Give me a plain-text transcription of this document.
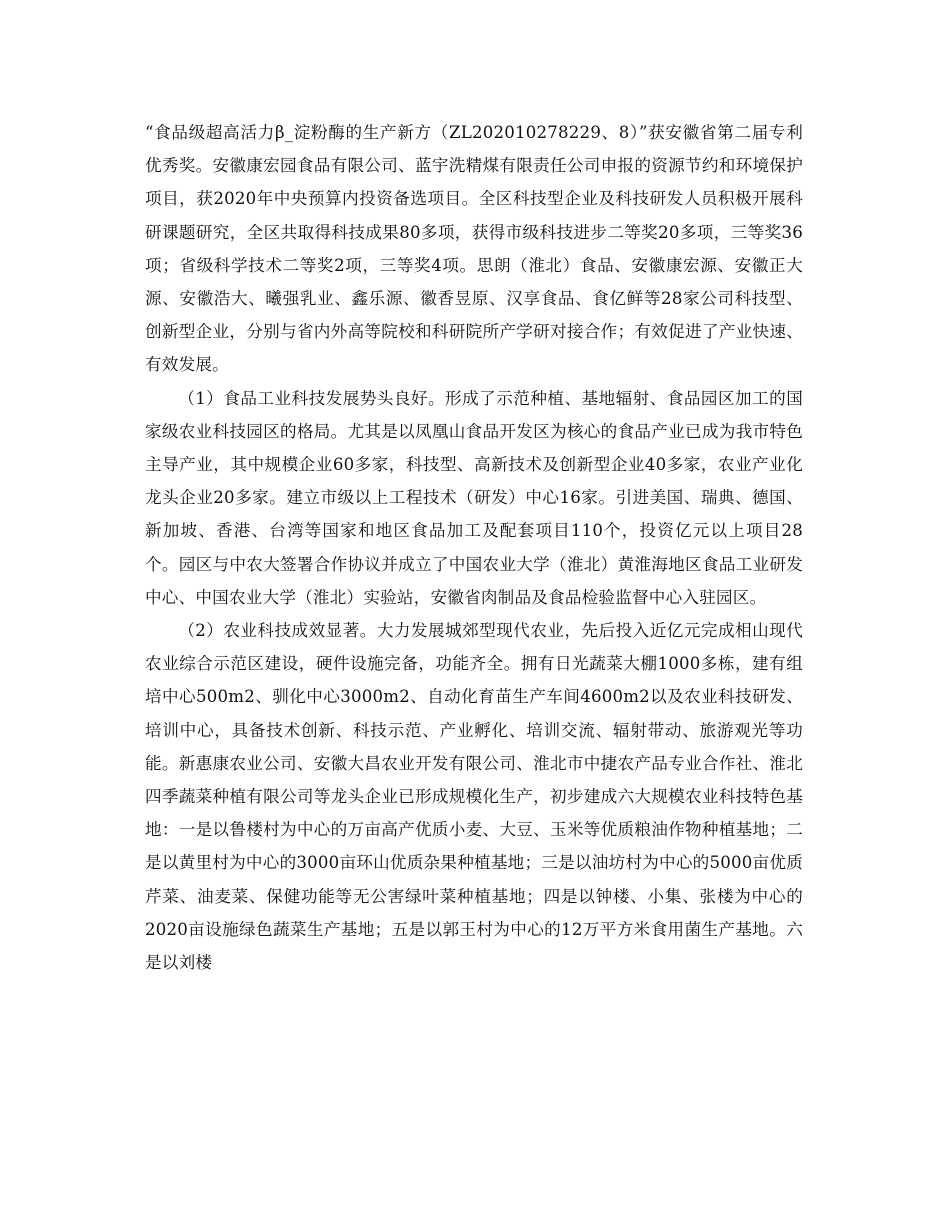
“食品级超高活力β_淀粉酶的生产新方（ZL202010278229、8）”获安徽省第二届专利优秀奖。安徽康宏园食品有限公司、蓝宇洗精煤有限责任公司申报的资源节约和环境保护项目，获2020年中央预算内投资备选项目。全区科技型企业及科技研发人员积极开展科研课题研究，全区共取得科技成果80多项，获得市级科技进步二等奖20多项，三等奖36项；省级科学技术二等奖2项，三等奖4项。思朗（淮北）食品、安徽康宏源、安徽正大源、安徽浩大、曦强乳业、鑫乐源、徽香昱原、汉享食品、食亿鲜等28家公司科技型、创新型企业，分别与省内外高等院校和科研院所产学研对接合作；有效促进了产业快速、有效发展。

（1）食品工业科技发展势头良好。形成了示范种植、基地辐射、食品园区加工的国家级农业科技园区的格局。尤其是以凤凰山食品开发区为核心的食品产业已成为我市特色主导产业，其中规模企业60多家，科技型、高新技术及创新型企业40多家，农业产业化龙头企业20多家。建立市级以上工程技术（研发）中心16家。引进美国、瑞典、德国、新加坡、香港、台湾等国家和地区食品加工及配套项目110个，投资亿元以上项目28个。园区与中农大签署合作协议并成立了中国农业大学（淮北）黄淮海地区食品工业研发中心、中国农业大学（淮北）实验站，安徽省肉制品及食品检验监督中心入驻园区。

（2）农业科技成效显著。大力发展城郊型现代农业，先后投入近亿元完成相山现代农业综合示范区建设，硬件设施完备，功能齐全。拥有日光蔬菜大棚1000多栋，建有组培中心500m2、驯化中心3000m2、自动化育苗生产车间4600m2以及农业科技研发、培训中心，具备技术创新、科技示范、产业孵化、培训交流、辐射带动、旅游观光等功能。新惠康农业公司、安徽大昌农业开发有限公司、淮北市中捷农产品专业合作社、淮北四季蔬菜种植有限公司等龙头企业已形成规模化生产，初步建成六大规模农业科技特色基地：一是以鲁楼村为中心的万亩高产优质小麦、大豆、玉米等优质粮油作物种植基地；二是以黄里村为中心的3000亩环山优质杂果种植基地；三是以油坊村为中心的5000亩优质芹菜、油麦菜、保健功能等无公害绿叶菜种植基地；四是以钟楼、小集、张楼为中心的2020亩设施绿色蔬菜生产基地；五是以郭王村为中心的12万平方米食用菌生产基地。六是以刘楼
